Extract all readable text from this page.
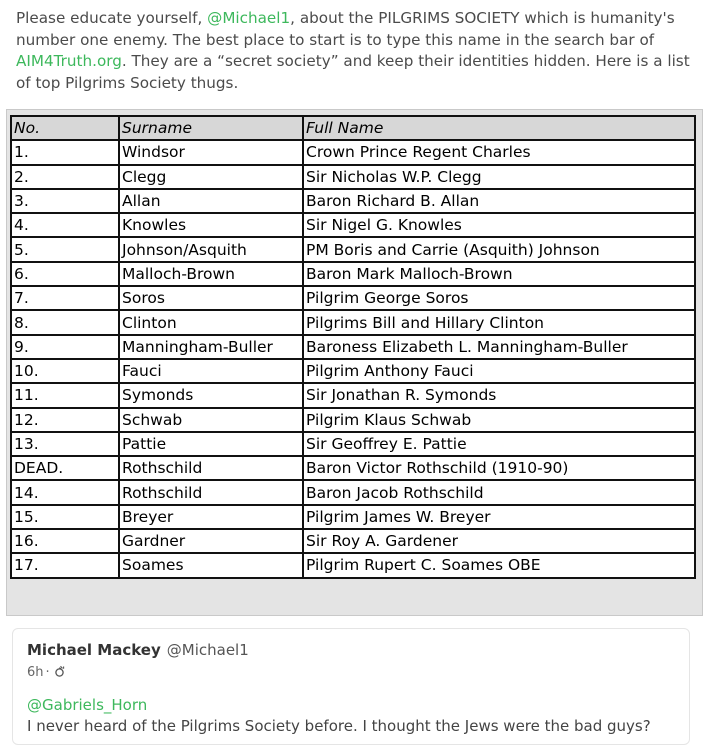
Please educate yourself, @Michael1, about the PILGRIMS SOCIETY which is humanity's number one enemy. The best place to start is to type this name in the search bar of AIM4Truth.org. They are a “secret society” and keep their identities hidden. Here is a list of top Pilgrims Society thugs.
No.	Surname	Full Name
1.	Windsor	Crown Prince Regent Charles
2.	Clegg	Sir Nicholas W.P. Clegg
3.	Allan	Baron Richard B. Allan
4.	Knowles	Sir Nigel G. Knowles
5.	Johnson/Asquith	PM Boris and Carrie (Asquith) Johnson
6.	Malloch-Brown	Baron Mark Malloch-Brown
7.	Soros	Pilgrim George Soros
8.	Clinton	Pilgrims Bill and Hillary Clinton
9.	Manningham-Buller	Baroness Elizabeth L. Manningham-Buller
10.	Fauci	Pilgrim Anthony Fauci
11.	Symonds	Sir Jonathan R. Symonds
12.	Schwab	Pilgrim Klaus Schwab
13.	Pattie	Sir Geoffrey E. Pattie
DEAD.	Rothschild	Baron Victor Rothschild (1910-90)
14.	Rothschild	Baron Jacob Rothschild
15.	Breyer	Pilgrim James W. Breyer
16.	Gardner	Sir Roy A. Gardener
17.	Soames	Pilgrim Rupert C. Soames OBE
Michael Mackey @Michael1
6h ·
@Gabriels_Horn
I never heard of the Pilgrims Society before. I thought the Jews were the bad guys?
